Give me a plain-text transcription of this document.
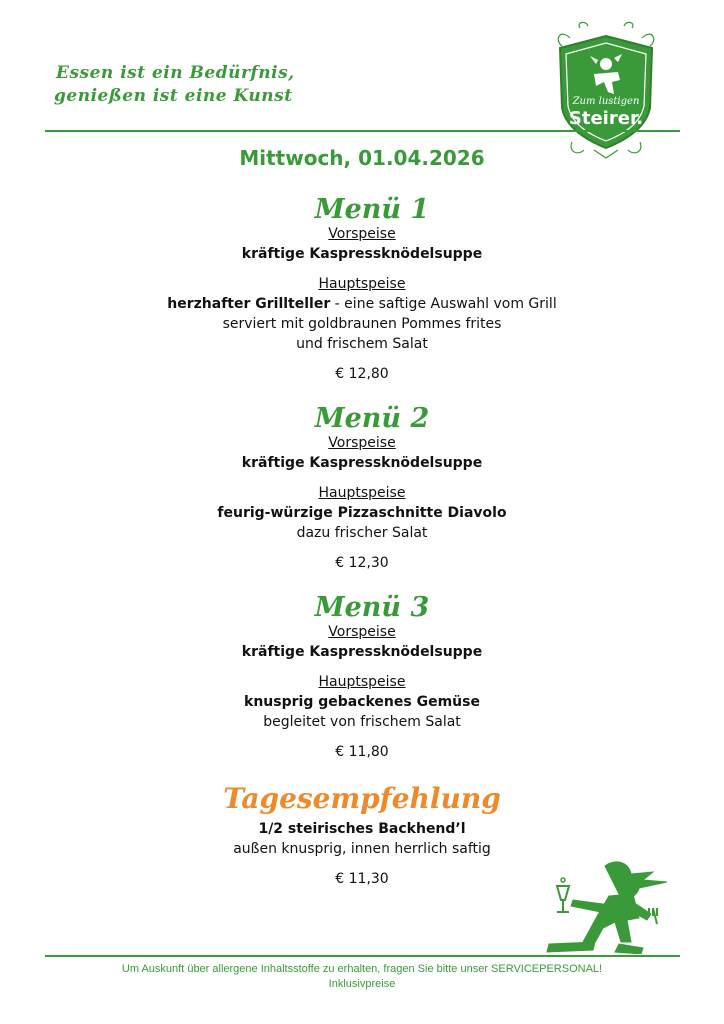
Essen ist ein Bedürfnis,
genießen ist eine Kunst	Zum lustigen
Steirer.
Mittwoch, 01.04.2026
Menü 1
Vorspeise
kräftige Kaspressknödelsuppe
Hauptspeise
herzhafter Grillteller - eine saftige Auswahl vom Grill
serviert mit goldbraunen Pommes frites
und frischem Salat
€ 12,80
Menü 2
Vorspeise
kräftige Kaspressknödelsuppe
Hauptspeise
feurig-würzige Pizzaschnitte Diavolo
dazu frischer Salat
€ 12,30
Menü 3
Vorspeise
kräftige Kaspressknödelsuppe
Hauptspeise
knusprig gebackenes Gemüse
begleitet von frischem Salat
€ 11,80
Tagesempfehlung
1/2 steirisches Backhend’l
außen knusprig, innen herrlich saftig
€ 11,30
Um Auskunft über allergene Inhaltsstoffe zu erhalten, fragen Sie bitte unser SERVICEPERSONAL!
Inklusivpreise
